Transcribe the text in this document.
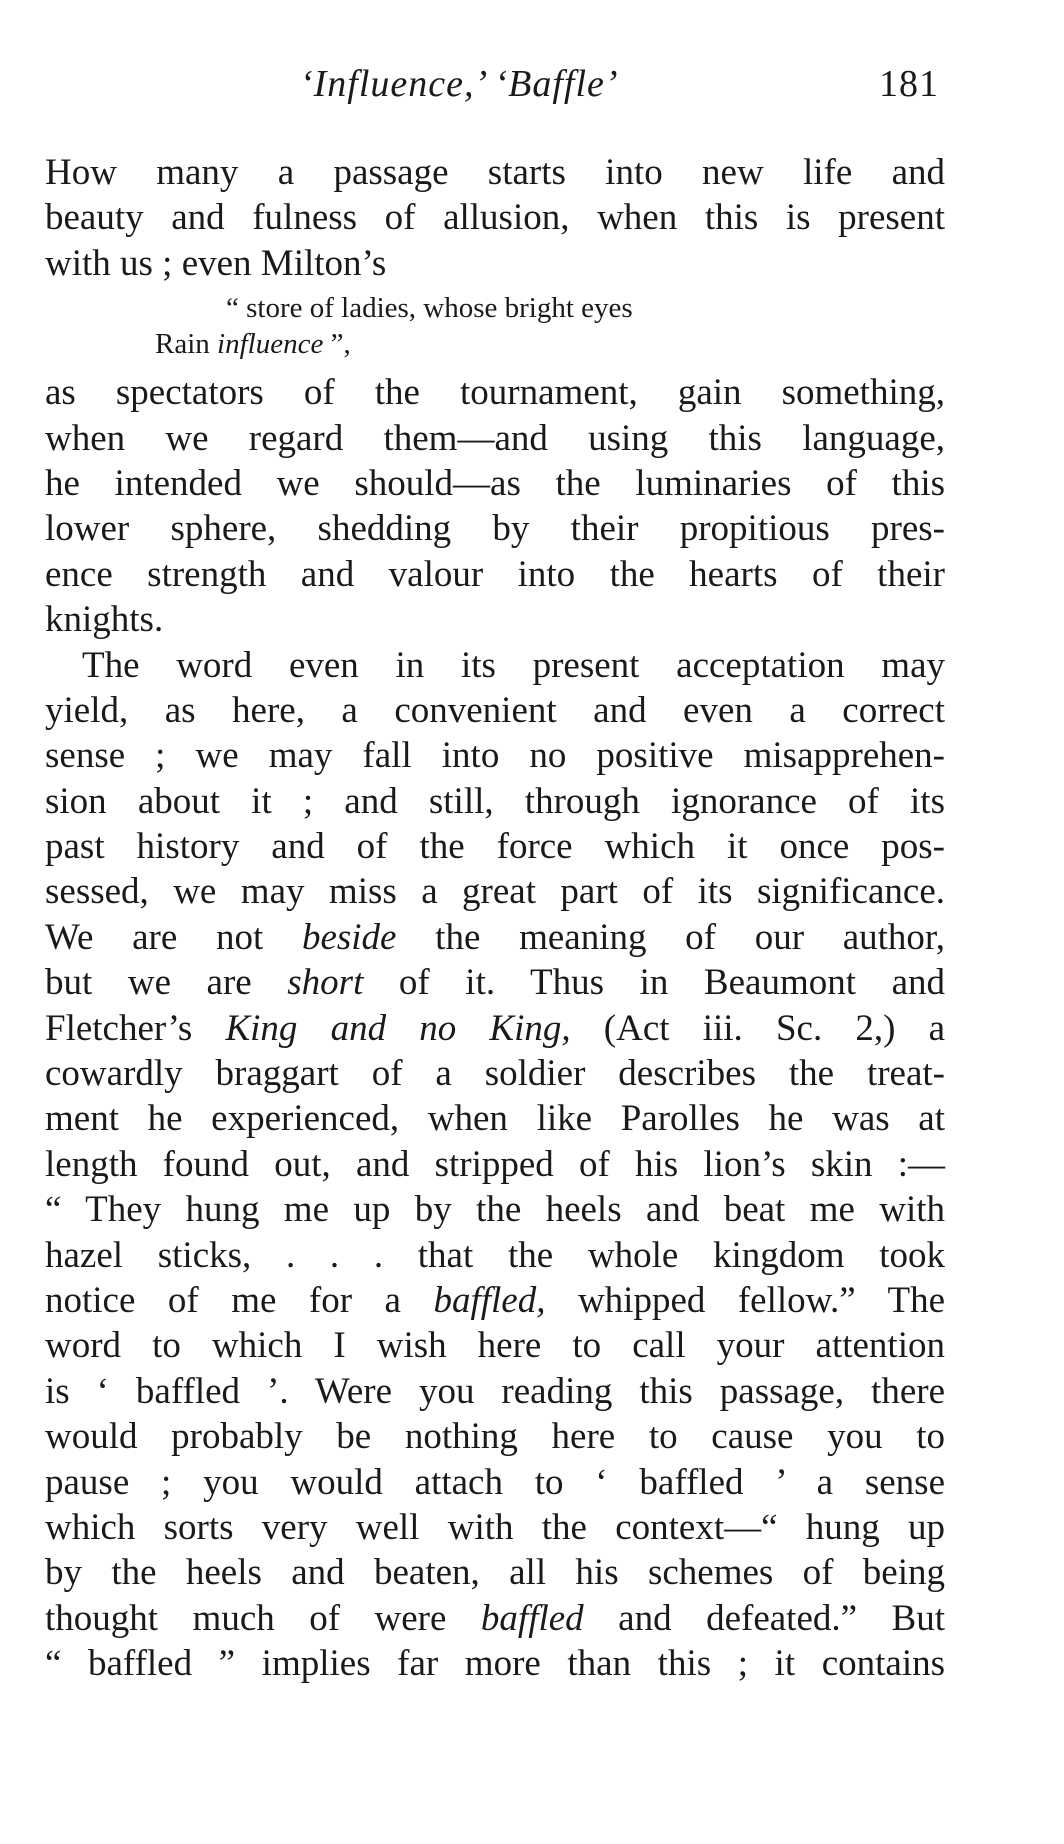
‘Influence,’ ‘Baffle’	181
How many a passage starts into new life and
beauty and fulness of allusion, when this is present
with us ; even Milton’s
“ store of ladies, whose bright eyes
Rain influence ”,
as spectators of the tournament, gain something,
when we regard them—and using this language,
he intended we should—as the luminaries of this
lower sphere, shedding by their propitious pres-
ence strength and valour into the hearts of their
knights.
The word even in its present acceptation may
yield, as here, a convenient and even a correct
sense ; we may fall into no positive misapprehen-
sion about it ; and still, through ignorance of its
past history and of the force which it once pos-
sessed, we may miss a great part of its significance.
We are not beside the meaning of our author,
but we are short of it. Thus in Beaumont and
Fletcher’s King and no King, (Act iii. Sc. 2,) a
cowardly braggart of a soldier describes the treat-
ment he experienced, when like Parolles he was at
length found out, and stripped of his lion’s skin :—
“ They hung me up by the heels and beat me with
hazel sticks, . . . that the whole kingdom took
notice of me for a baffled, whipped fellow.” The
word to which I wish here to call your attention
is ‘ baffled ’. Were you reading this passage, there
would probably be nothing here to cause you to
pause ; you would attach to ‘ baffled ’ a sense
which sorts very well with the context—“ hung up
by the heels and beaten, all his schemes of being
thought much of were baffled and defeated.” But
“ baffled ” implies far more than this ; it contains
